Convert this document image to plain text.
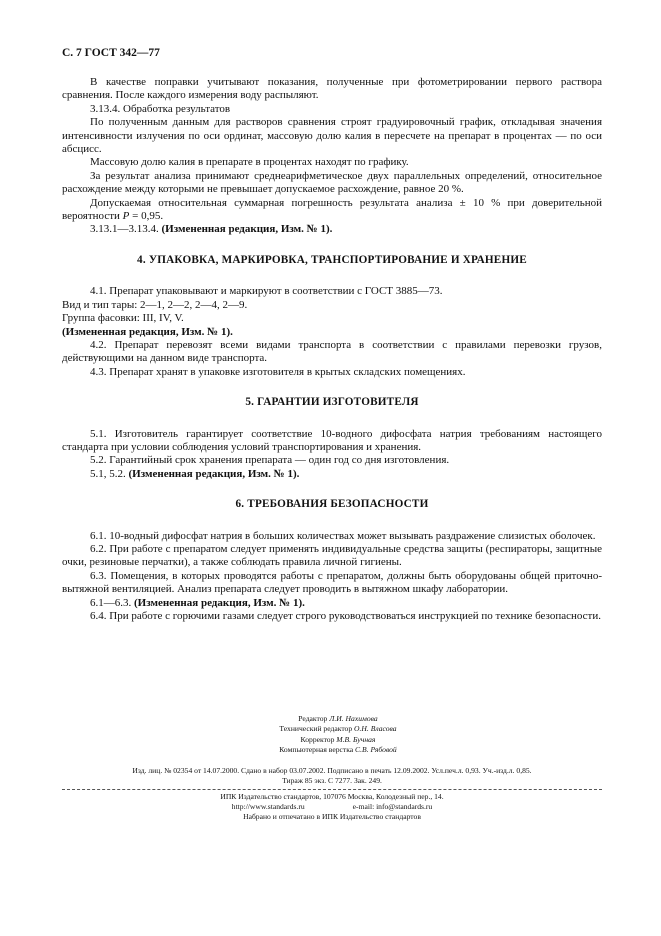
С. 7 ГОСТ 342—77

В качестве поправки учитывают показания, полученные при фотометрировании первого раствора сравнения. После каждого измерения воду распыляют.

3.13.4. Обработка результатов

По полученным данным для растворов сравнения строят градуировочный график, откладывая значения интенсивности излучения по оси ординат, массовую долю калия в пересчете на препарат в процентах — по оси абсцисс.

Массовую долю калия в препарате в процентах находят по графику.

За результат анализа принимают среднеарифметическое двух параллельных определений, относительное расхождение между которыми не превышает допускаемое расхождение, равное 20 %.

Допускаемая относительная суммарная погрешность результата анализа ± 10 % при доверительной вероятности P = 0,95.

3.13.1—3.13.4. (Измененная редакция, Изм. № 1).

4. УПАКОВКА, МАРКИРОВКА, ТРАНСПОРТИРОВАНИЕ И ХРАНЕНИЕ

4.1. Препарат упаковывают и маркируют в соответствии с ГОСТ 3885—73.

Вид и тип тары: 2—1, 2—2, 2—4, 2—9.

Группа фасовки: III, IV, V.

(Измененная редакция, Изм. № 1).

4.2. Препарат перевозят всеми видами транспорта в соответствии с правилами перевозки грузов, действующими на данном виде транспорта.

4.3. Препарат хранят в упаковке изготовителя в крытых складских помещениях.

5. ГАРАНТИИ ИЗГОТОВИТЕЛЯ

5.1. Изготовитель гарантирует соответствие 10-водного дифосфата натрия требованиям настоящего стандарта при условии соблюдения условий транспортирования и хранения.

5.2. Гарантийный срок хранения препарата — один год со дня изготовления.

5.1, 5.2. (Измененная редакция, Изм. № 1).

6. ТРЕБОВАНИЯ БЕЗОПАСНОСТИ

6.1. 10-водный дифосфат натрия в больших количествах может вызывать раздражение слизистых оболочек.

6.2. При работе с препаратом следует применять индивидуальные средства защиты (респираторы, защитные очки, резиновые перчатки), а также соблюдать правила личной гигиены.

6.3. Помещения, в которых проводятся работы с препаратом, должны быть оборудованы общей приточно-вытяжной вентиляцией. Анализ препарата следует проводить в вытяжном шкафу лаборатории.

6.1—6.3. (Измененная редакция, Изм. № 1).

6.4. При работе с горючими газами следует строго руководствоваться инструкцией по технике безопасности.

Редактор Л.И. Нахимова
Технический редактор О.Н. Власова
Корректор М.В. Бучная
Компьютерная верстка С.В. Рябовой
Изд. лиц. № 02354 от 14.07.2000. Сдано в набор 03.07.2002. Подписано в печать 12.09.2002. Усл.печ.л. 0,93. Уч.-изд.л. 0,85.
Тираж 85 экз. С 7277. Зак. 249.
ИПК Издательство стандартов, 107076 Москва, Колодезный пер., 14.
http://www.standards.ru	e-mail: info@standards.ru
Набрано и отпечатано в ИПК Издательство стандартов
